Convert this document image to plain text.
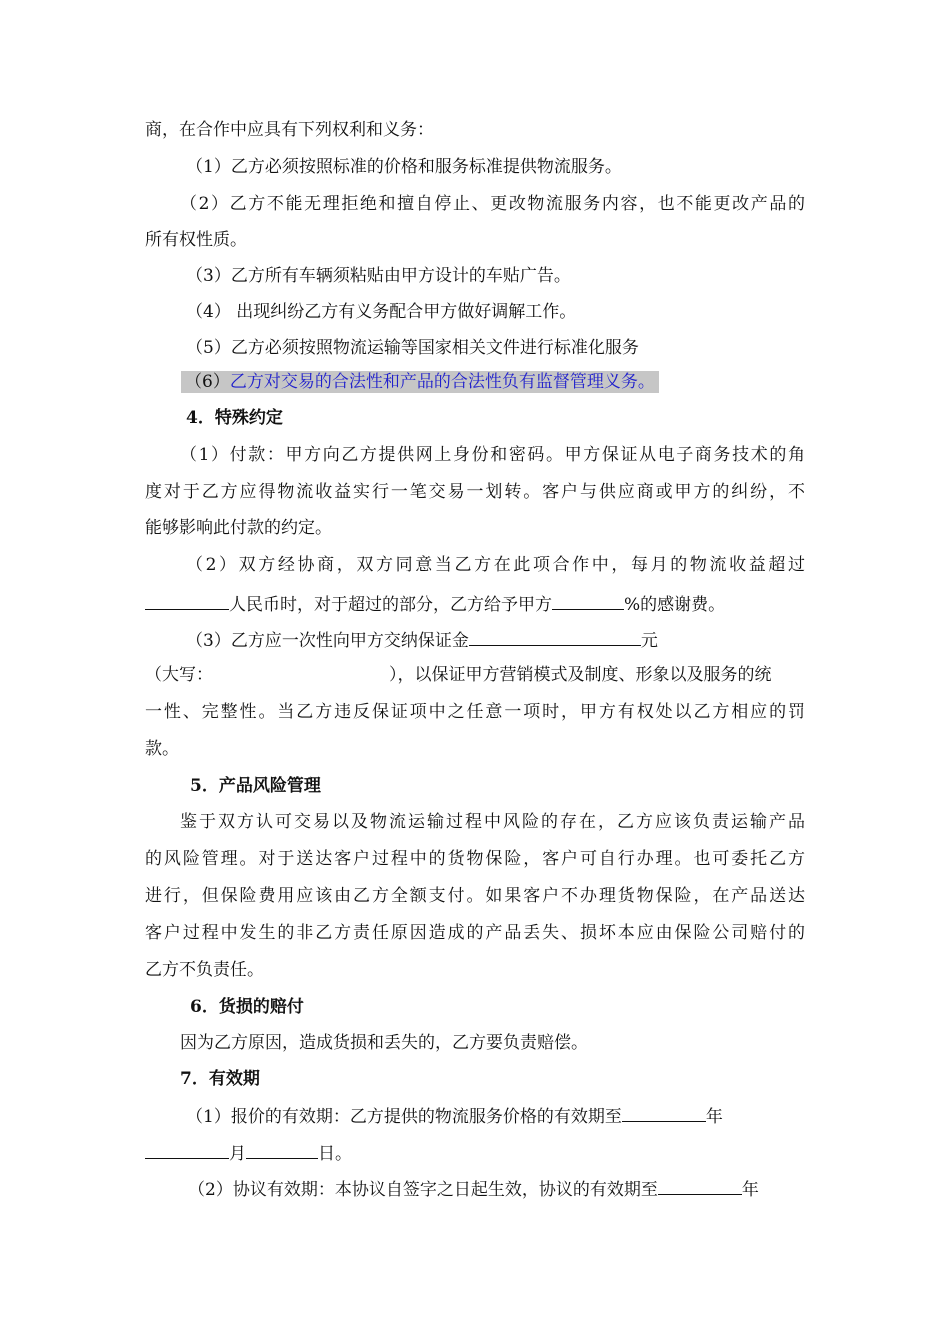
商，在合作中应具有下列权利和义务：
（1）乙方必须按照标准的价格和服务标准提供物流服务。
（2）乙方不能无理拒绝和擅自停止、更改物流服务内容，也不能更改产品的
所有权性质。
（3）乙方所有车辆须粘贴由甲方设计的车贴广告。
（4） 出现纠纷乙方有义务配合甲方做好调解工作。
（5）乙方必须按照物流运输等国家相关文件进行标准化服务
（6）乙方对交易的合法性和产品的合法性负有监督管理义务。
4．特殊约定
（1）付款：甲方向乙方提供网上身份和密码。甲方保证从电子商务技术的角
度对于乙方应得物流收益实行一笔交易一划转。客户与供应商或甲方的纠纷，不
能够影响此付款的约定。
（2）双方经协商，双方同意当乙方在此项合作中，每月的物流收益超过
人民币时，对于超过的部分，乙方给予甲方	%的感谢费。
（3）乙方应一次性向甲方交纳保证金	元
（大写：	），以保证甲方营销模式及制度、形象以及服务的统
一性、完整性。当乙方违反保证项中之任意一项时，甲方有权处以乙方相应的罚
款。
5．产品风险管理
鉴于双方认可交易以及物流运输过程中风险的存在，乙方应该负责运输产品
的风险管理。对于送达客户过程中的货物保险，客户可自行办理。也可委托乙方
进行，但保险费用应该由乙方全额支付。如果客户不办理货物保险，在产品送达
客户过程中发生的非乙方责任原因造成的产品丢失、损坏本应由保险公司赔付的
乙方不负责任。
6．货损的赔付
因为乙方原因，造成货损和丢失的，乙方要负责赔偿。
7．有效期
（1）报价的有效期：乙方提供的物流服务价格的有效期至	年
月	日。
（2）协议有效期：本协议自签字之日起生效，协议的有效期至	年
